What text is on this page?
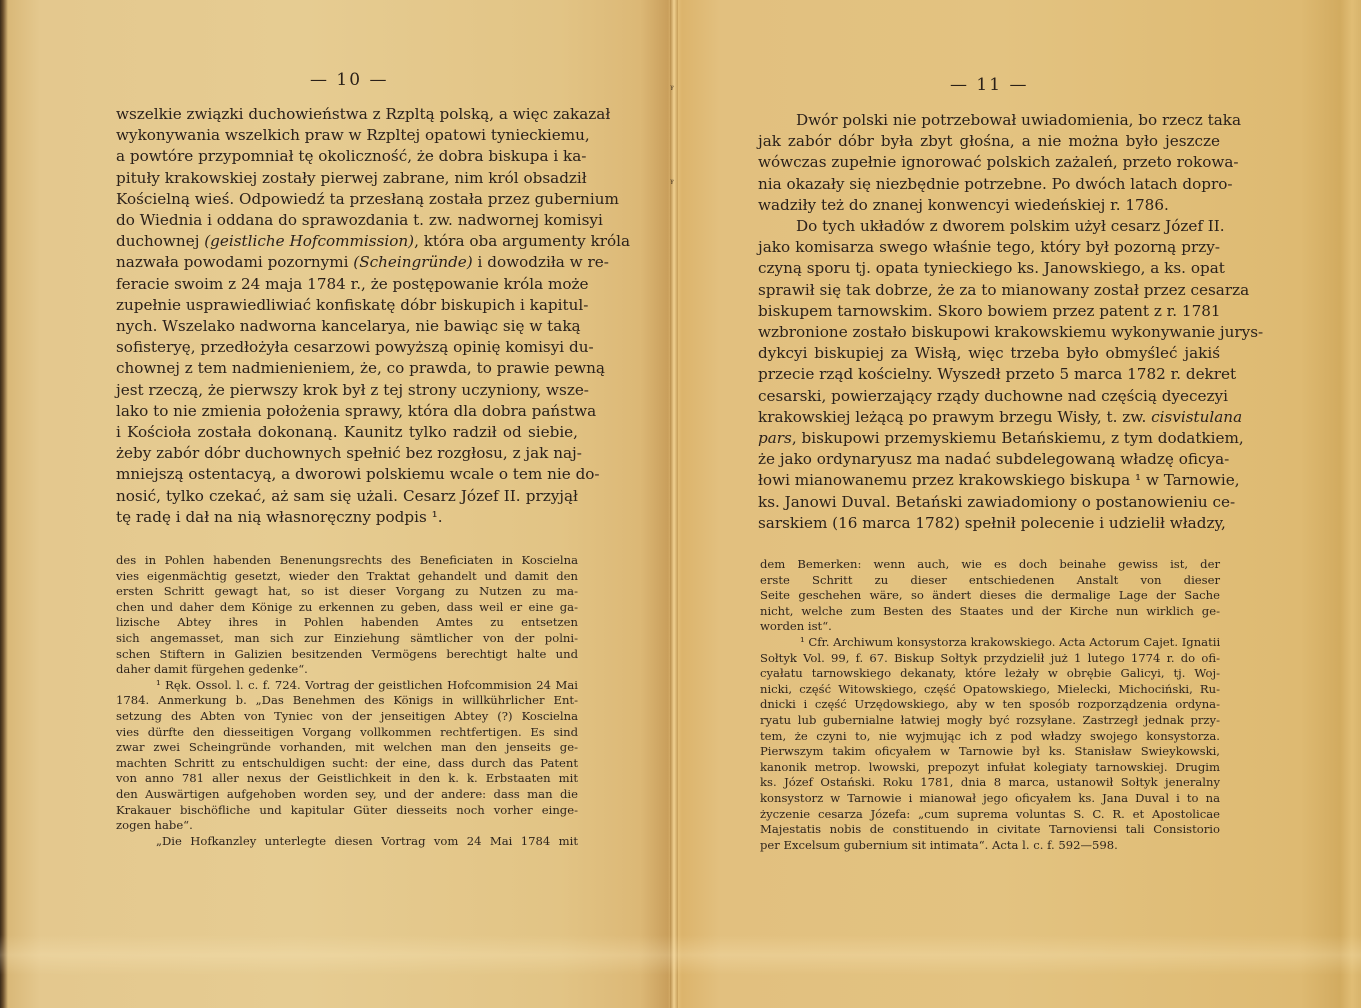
— 10 —
wszelkie związki duchowieństwa z Rzpltą polską, a więc zakazał
wykonywania wszelkich praw w Rzpltej opatowi tynieckiemu,
a powtóre przypomniał tę okoliczność, że dobra biskupa i ka-
pituły krakowskiej zostały pierwej zabrane, nim król obsadził
Kościelną wieś. Odpowiedź ta przesłaną została przez gubernium
do Wiednia i oddana do sprawozdania t. zw. nadwornej komisyi
duchownej (geistliche Hofcommission), która oba argumenty króla
nazwała powodami pozornymi (Scheingründe) i dowodziła w re-
feracie swoim z 24 maja 1784 r., że postępowanie króla może
zupełnie usprawiedliwiać konfiskatę dóbr biskupich i kapitul-
nych. Wszelako nadworna kancelarya, nie bawiąc się w taką
sofisteryę, przedłożyła cesarzowi powyższą opinię komisyi du-
chownej z tem nadmienieniem, że, co prawda, to prawie pewną
jest rzeczą, że pierwszy krok był z tej strony uczyniony, wsze-
lako to nie zmienia położenia sprawy, która dla dobra państwa
i Kościoła została dokonaną. Kaunitz tylko radził od siebie,
żeby zabór dóbr duchownych spełnić bez rozgłosu, z jak naj-
mniejszą ostentacyą, a dworowi polskiemu wcale o tem nie do-
nosić, tylko czekać, aż sam się użali. Cesarz Józef II. przyjął
tę radę i dał na nią własnoręczny podpis ¹.
des in Pohlen habenden Benenungsrechts des Beneficiaten in Koscielna
vies eigenmächtig gesetzt, wieder den Traktat gehandelt und damit den
ersten Schritt gewagt hat, so ist dieser Vorgang zu Nutzen zu ma-
chen und daher dem Könige zu erkennen zu geben, dass weil er eine ga-
lizische Abtey ihres in Pohlen habenden Amtes zu entsetzen
sich angemasset, man sich zur Einziehung sämtlicher von der polni-
schen Stiftern in Galizien besitzenden Vermögens berechtigt halte und
daher damit fürgehen gedenke“.
¹ Ręk. Ossol. l. c. f. 724. Vortrag der geistlichen Hofcommision 24 Mai
1784. Anmerkung b. „Das Benehmen des Königs in willkührlicher Ent-
setzung des Abten von Tyniec von der jenseitigen Abtey (?) Koscielna
vies dürfte den diesseitigen Vorgang vollkommen rechtfertigen. Es sind
zwar zwei Scheingründe vorhanden, mit welchen man den jenseits ge-
machten Schritt zu entschuldigen sucht: der eine, dass durch das Patent
von anno 781 aller nexus der Geistlichkeit in den k. k. Erbstaaten mit
den Auswärtigen aufgehoben worden sey, und der andere: dass man die
Krakauer bischöfliche und kapitular Güter diesseits noch vorher einge-
zogen habe“.
„Die Hofkanzley unterlegte diesen Vortrag vom 24 Mai 1784 mit
ᵞ
ᵞ
— 11 —
Dwór polski nie potrzebował uwiadomienia, bo rzecz taka
jak zabór dóbr była zbyt głośna, a nie można było jeszcze
wówczas zupełnie ignorować polskich zażaleń, przeto rokowa-
nia okazały się niezbędnie potrzebne. Po dwóch latach dopro-
wadziły też do znanej konwencyi wiedeńskiej r. 1786.
Do tych układów z dworem polskim użył cesarz Józef II.
jako komisarza swego właśnie tego, który był pozorną przy-
czyną sporu tj. opata tynieckiego ks. Janowskiego, a ks. opat
sprawił się tak dobrze, że za to mianowany został przez cesarza
biskupem tarnowskim. Skoro bowiem przez patent z r. 1781
wzbronione zostało biskupowi krakowskiemu wykonywanie jurys-
dykcyi biskupiej za Wisłą, więc trzeba było obmyśleć jakiś
przecie rząd kościelny. Wyszedł przeto 5 marca 1782 r. dekret
cesarski, powierzający rządy duchowne nad częścią dyecezyi
krakowskiej leżącą po prawym brzegu Wisły, t. zw. cisvistulana
pars, biskupowi przemyskiemu Betańskiemu, z tym dodatkiem,
że jako ordynaryusz ma nadać subdelegowaną władzę oficya-
łowi mianowanemu przez krakowskiego biskupa ¹ w Tarnowie,
ks. Janowi Duval. Betański zawiadomiony o postanowieniu ce-
sarskiem (16 marca 1782) spełnił polecenie i udzielił władzy,
dem Bemerken: wenn auch, wie es doch beinahe gewiss ist, der
erste Schritt zu dieser entschiedenen Anstalt von dieser
Seite geschehen wäre, so ändert dieses die dermalige Lage der Sache
nicht, welche zum Besten des Staates und der Kirche nun wirklich ge-
worden ist“.
¹ Cfr. Archiwum konsystorza krakowskiego. Acta Actorum Cajet. Ignatii
Sołtyk Vol. 99, f. 67. Biskup Sołtyk przydzielił już 1 lutego 1774 r. do ofi-
cyałatu tarnowskiego dekanaty, które leżały w obrębie Galicyi, tj. Woj-
nicki, część Witowskiego, część Opatowskiego, Mielecki, Michociński, Ru-
dnicki i część Urzędowskiego, aby w ten sposób rozporządzenia ordyna-
ryatu lub gubernialne łatwiej mogły być rozsyłane. Zastrzegł jednak przy-
tem, że czyni to, nie wyjmując ich z pod władzy swojego konsystorza.
Pierwszym takim oficyałem w Tarnowie był ks. Stanisław Swieykowski,
kanonik metrop. lwowski, prepozyt infułat kolegiaty tarnowskiej. Drugim
ks. Józef Ostański. Roku 1781, dnia 8 marca, ustanowił Sołtyk jeneralny
konsystorz w Tarnowie i mianował jego oficyałem ks. Jana Duval i to na
życzenie cesarza Józefa: „cum suprema voluntas S. C. R. et Apostolicae
Majestatis nobis de constituendo in civitate Tarnoviensi tali Consistorio
per Excelsum gubernium sit intimata“. Acta l. c. f. 592—598.
